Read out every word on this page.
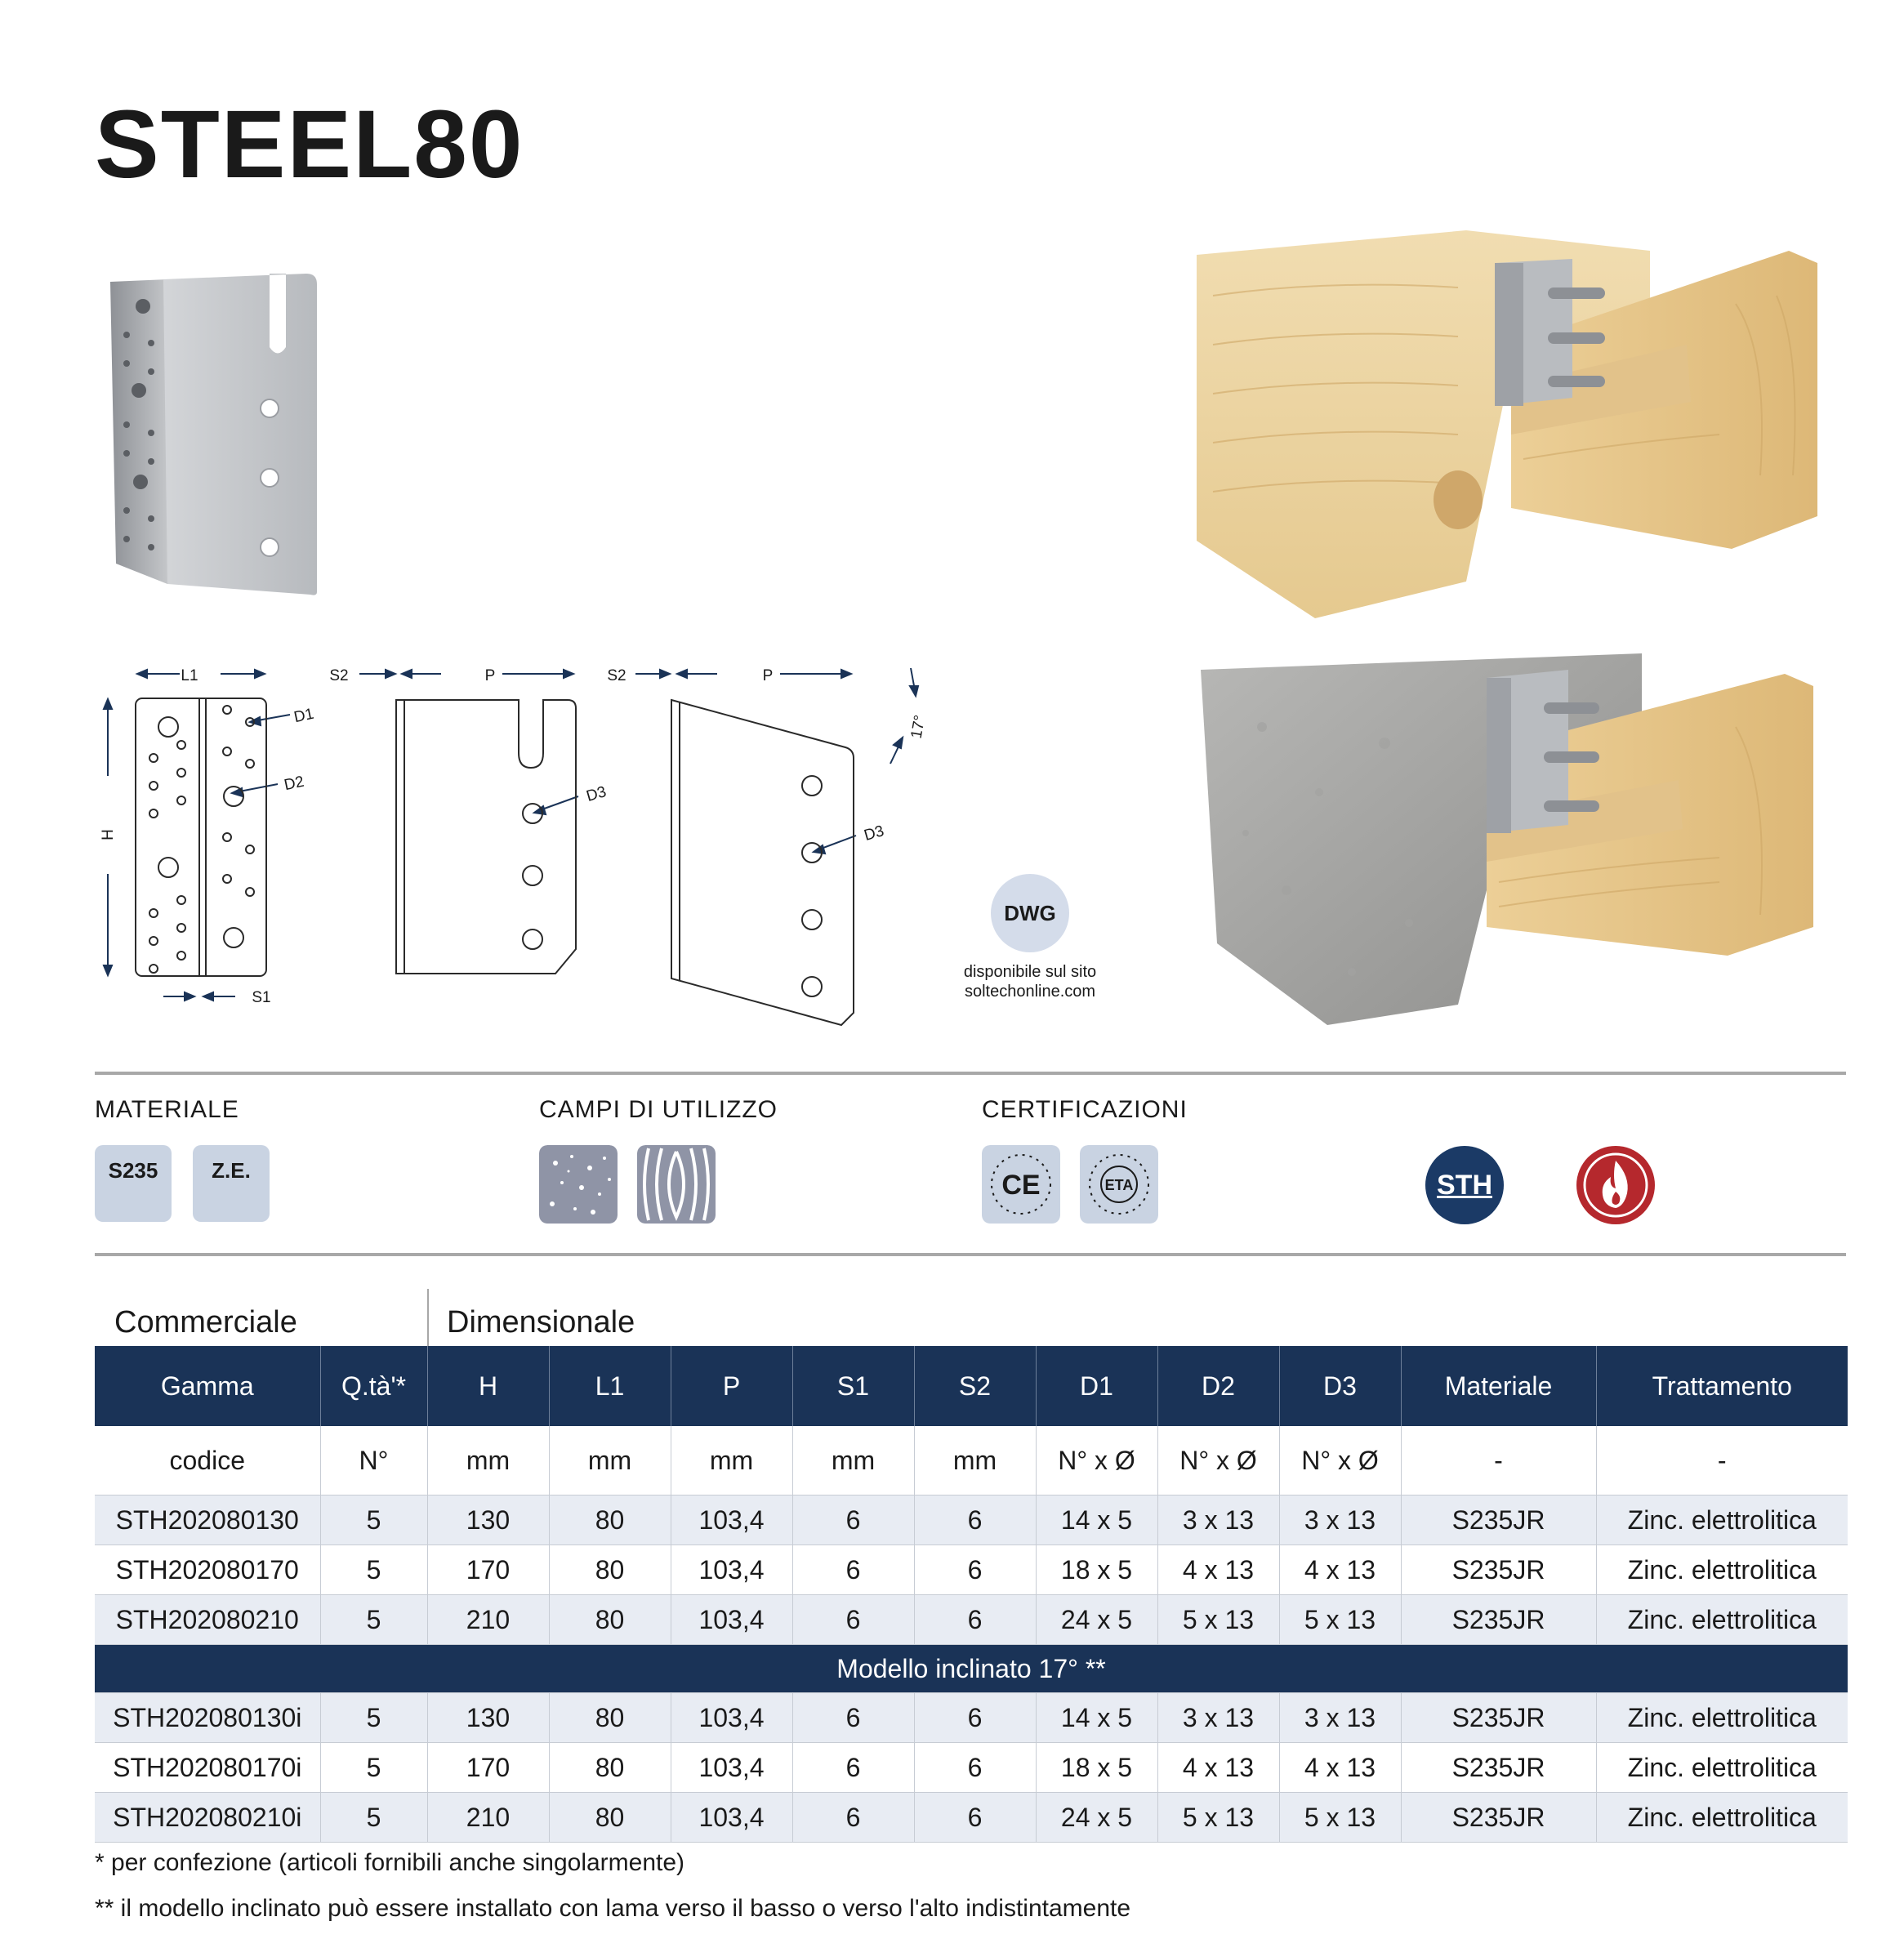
STEEL80
L1
H
S1
S2	P	S2	P
D1
D2	D3
D3
17°
DWG
disponibile sul sito
soltechonline.com
MATERIALE	CAMPI DI UTILIZZO	CERTIFICAZIONI
S235	Z.E.	CE	ETA	STH
Commerciale	Dimensionale
Gamma	Q.tà'*	H	L1	P	S1	S2	D1	D2	D3	Materiale	Trattamento
codice	N°	mm	mm	mm	mm	mm	N° x Ø	N° x Ø	N° x Ø	-	-
STH202080130	5	130	80	103,4	6	6	14 x 5	3 x 13	3 x 13	S235JR	Zinc. elettrolitica
STH202080170	5	170	80	103,4	6	6	18 x 5	4 x 13	4 x 13	S235JR	Zinc. elettrolitica
STH202080210	5	210	80	103,4	6	6	24 x 5	5 x 13	5 x 13	S235JR	Zinc. elettrolitica
Modello inclinato 17° **											
STH202080130i	5	130	80	103,4	6	6	14 x 5	3 x 13	3 x 13	S235JR	Zinc. elettrolitica
STH202080170i	5	170	80	103,4	6	6	18 x 5	4 x 13	4 x 13	S235JR	Zinc. elettrolitica
STH202080210i	5	210	80	103,4	6	6	24 x 5	5 x 13	5 x 13	S235JR	Zinc. elettrolitica
* per confezione (articoli fornibili anche singolarmente)
** il modello inclinato può essere installato con lama verso il basso o verso l'alto indistintamente
